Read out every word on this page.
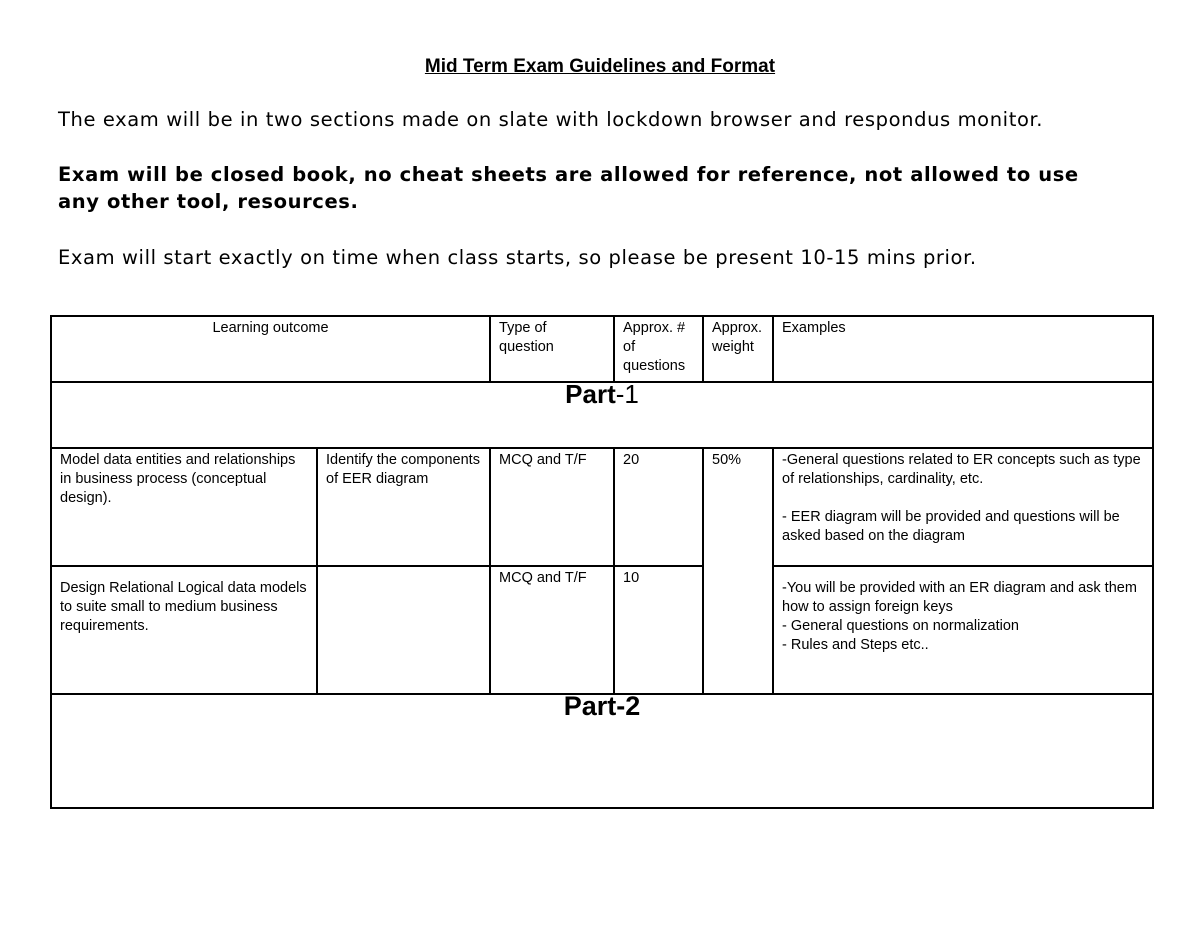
Mid Term Exam Guidelines and Format
The exam will be in two sections made on slate with lockdown browser and respondus monitor.
Exam will be closed book, no cheat sheets are allowed for reference, not allowed to use any other tool, resources.
Exam will start exactly on time when class starts, so please be present 10-15 mins prior.
Learning outcome		Type of question	Approx. # of questions	Approx. weight	Examples
Part-1					
Model data entities and relationships in business process (conceptual design).	Identify the components of EER diagram	MCQ and T/F	20	50%	-General questions related to ER concepts such as type of relationships, cardinality, etc.
- EER diagram will be provided and questions will be asked based on the diagram

Design Relational Logical data models to suite small to medium business requirements.		MCQ and T/F	10		-You will be provided with an ER diagram and ask them how to assign foreign keys
- General questions on normalization
- Rules and Steps etc..

Part-2					
